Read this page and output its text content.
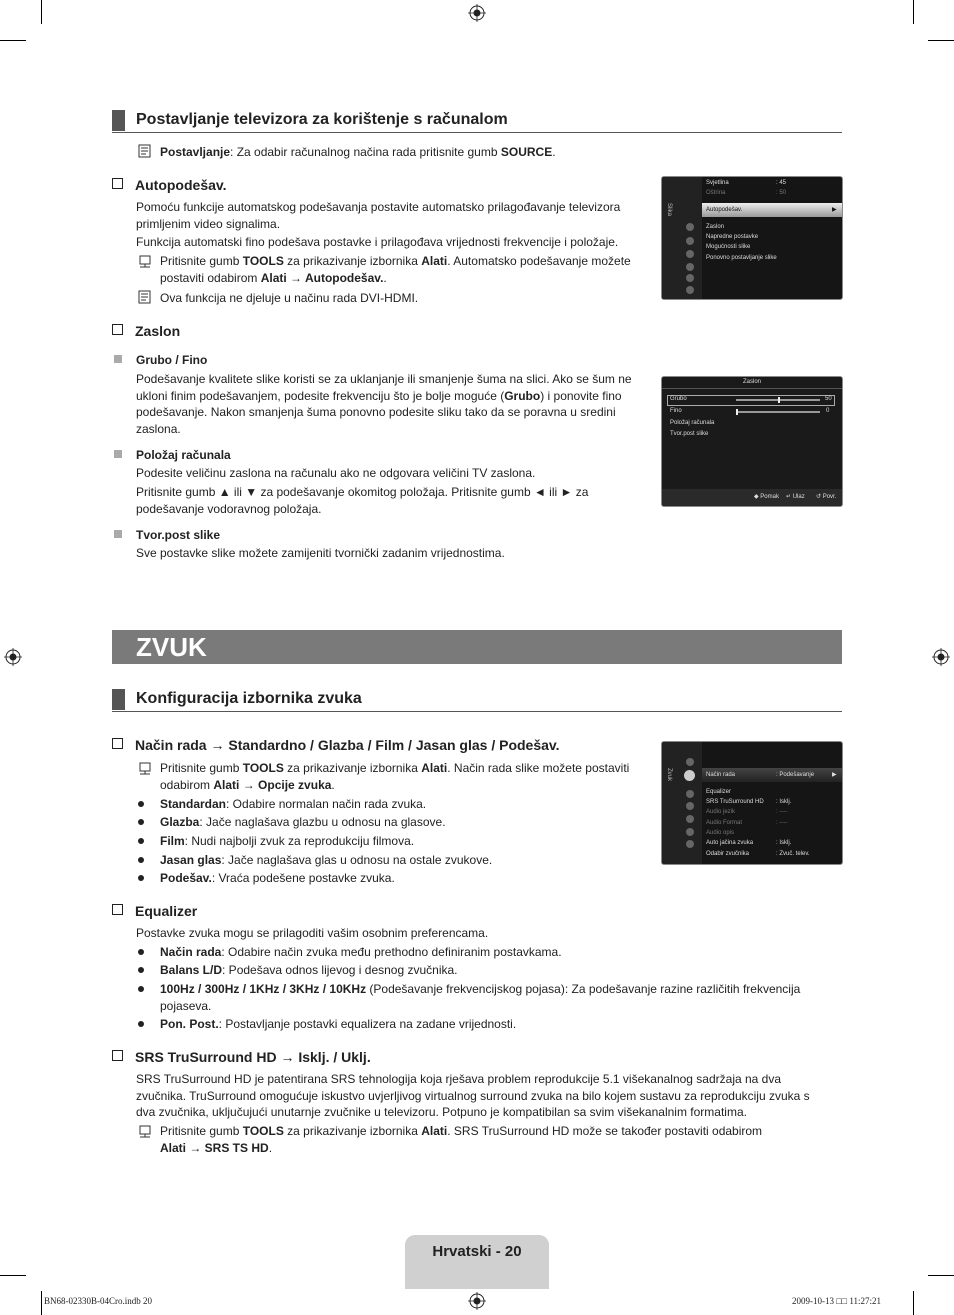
Postavljanje televizora za korištenje s računalom
Postavljanje: Za odabir računalnog načina rada pritisnite gumb SOURCE.
Autopodešav.
Pomoću funkcije automatskog podešavanja postavite automatsko prilagođavanje televizora primljenim video signalima.
Funkcija automatski fino podešava postavke i prilagođava vrijednosti frekvencije i položaje.
Pritisnite gumb TOOLS za prikazivanje izbornika Alati. Automatsko podešavanje možete postaviti odabirom Alati → Autopodešav..
Ova funkcija ne djeluje u načinu rada DVI-HDMI.
Slika
Svjetlina	: 45
Oštrina	: 50
Autopodešav.	▶
Zaslon
Napredne postavke
Mogućnosti slike
Ponovno postavljanje slike
Zaslon
Grubo / Fino
Podešavanje kvalitete slike koristi se za uklanjanje ili smanjenje šuma na slici. Ako se šum ne ukloni finim podešavanjem, podesite frekvenciju što je bolje moguće (Grubo) i ponovite fino podešavanje. Nakon smanjenja šuma ponovno podesite sliku tako da se poravna u sredini zaslona.
Položaj računala
Podesite veličinu zaslona na računalu ako ne odgovara veličini TV zaslona.
Pritisnite gumb ▲ ili ▼ za podešavanje okomitog položaja. Pritisnite gumb ◄ ili ► za podešavanje vodoravnog položaja.
Tvor.post slike
Sve postavke slike možete zamijeniti tvornički zadanim vrijednostima.
Zaslon
Grubo	50
Fino	0
Položaj računala
Tvor.post slike
◆ Pomak ↵ Ulaz ↺ Povr.
ZVUK
Konfiguracija izbornika zvuka
Način rada → Standardno / Glazba / Film / Jasan glas / Podešav.
Pritisnite gumb TOOLS za prikazivanje izbornika Alati. Način rada slike možete postaviti odabirom Alati → Opcije zvuka.
Standardan: Odabire normalan način rada zvuka.
Glazba: Jače naglašava glazbu u odnosu na glasove.
Film: Nudi najbolji zvuk za reprodukciju filmova.
Jasan glas: Jače naglašava glas u odnosu na ostale zvukove.
Podešav.: Vraća podešene postavke zvuka.
Zvuk	Način rada	: Podešavanje	▶
Equalizer
SRS TruSurround HD : Isklj.
Audio jezik	: ----
Audio Format	: ----
Audio opis
Auto jačina zvuka	: Isklj.
Odabir zvučnika	: Zvuč. telev.
Equalizer
Postavke zvuka mogu se prilagoditi vašim osobnim preferencama.
Način rada: Odabire način zvuka među prethodno definiranim postavkama.
Balans L/D: Podešava odnos lijevog i desnog zvučnika.
100Hz / 300Hz / 1KHz / 3KHz / 10KHz (Podešavanje frekvencijskog pojasa): Za podešavanje razine različitih frekvencija pojaseva.
Pon. Post.: Postavljanje postavki equalizera na zadane vrijednosti.
SRS TruSurround HD → Isklj. / Uklj.
SRS TruSurround HD je patentirana SRS tehnologija koja rješava problem reprodukcije 5.1 višekanalnog sadržaja na dva zvučnika. TruSurround omogućuje iskustvo uvjerljivog virtualnog surround zvuka na bilo kojem sustavu za reprodukciju zvuka s dva zvučnika, uključujući unutarnje zvučnike u televizoru. Potpuno je kompatibilan sa svim višekanalnim formatima.
Pritisnite gumb TOOLS za prikazivanje izbornika Alati. SRS TruSurround HD može se također postaviti odabirom
Alati → SRS TS HD.
Hrvatski - 20
BN68-02330B-04Cro.indb 20	2009-10-13 □□ 11:27:21
